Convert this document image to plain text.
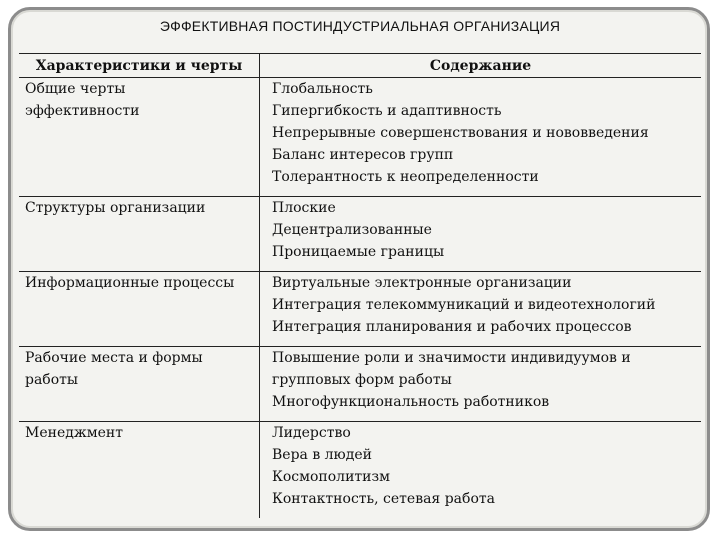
ЭФФЕКТИВНАЯ ПОСТИНДУСТРИАЛЬНАЯ ОРГАНИЗАЦИЯ
Характеристики и черты	Содержание

Общие черты эффективности	Глобальность
Гипергибкость и адаптивность
Непрерывные совершенствования и нововведения
Баланс интересов групп
Толерантность к неопределенности

Структуры организации	Плоские
Децентрализованные
Проницаемые границы

Информационные процессы	Виртуальные электронные организации
Интеграция телекоммуникаций и видеотехнологий
Интеграция планирования и рабочих процессов

Рабочие места и формы работы	Повышение роли и значимости индивидуумов и
групповых форм работы
Многофункциональность работников

Менеджмент	Лидерство
Вера в людей
Космополитизм
Контактность, сетевая работа
